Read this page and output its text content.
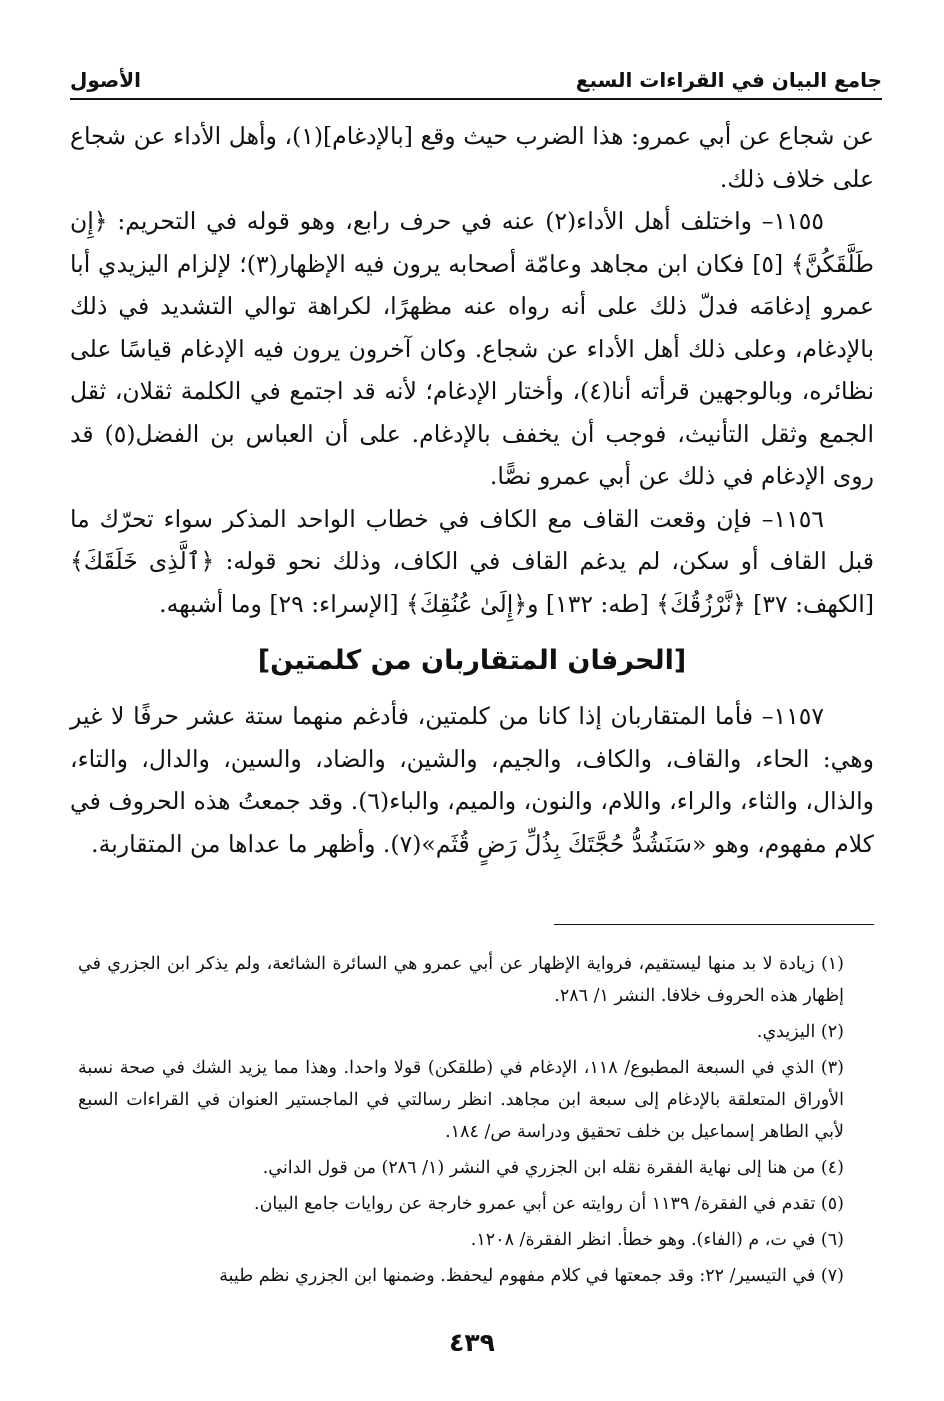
جامع البيان في القراءات السبع
الأصول

عن شجاع عن أبي عمرو: هذا الضرب حيث وقع [بالإدغام](١)، وأهل الأداء عن شجاع على خلاف ذلك.

١١٥٥– واختلف أهل الأداء(٢) عنه في حرف رابع، وهو قوله في التحريم: ﴿إِن طَلَّقَكُنَّ﴾ [٥] فكان ابن مجاهد وعامّة أصحابه يرون فيه الإظهار(٣)؛ لإلزام اليزيدي أبا عمرو إدغامَه فدلّ ذلك على أنه رواه عنه مظهرًا، لكراهة توالي التشديد في ذلك بالإدغام، وعلى ذلك أهل الأداء عن شجاع. وكان آخرون يرون فيه الإدغام قياسًا على نظائره، وبالوجهين قرأته أنا(٤)، وأختار الإدغام؛ لأنه قد اجتمع في الكلمة ثقلان، ثقل الجمع وثقل التأنيث، فوجب أن يخفف بالإدغام. على أن العباس بن الفضل(٥) قد روى الإدغام في ذلك عن أبي عمرو نصًّا.

١١٥٦– فإن وقعت القاف مع الكاف في خطاب الواحد المذكر سواء تحرّك ما قبل القاف أو سكن، لم يدغم القاف في الكاف، وذلك نحو قوله: ﴿ٱلَّذِى خَلَقَكَ﴾ [الكهف: ٣٧] ﴿نَّرْزُقُكَ﴾ [طه: ١٣٢] و﴿إِلَىٰ عُنُقِكَ﴾ [الإسراء: ٢٩] وما أشبهه.

[الحرفان المتقاربان من كلمتين]

١١٥٧– فأما المتقاربان إذا كانا من كلمتين، فأدغم منهما ستة عشر حرفًا لا غير وهي: الحاء، والقاف، والكاف، والجيم، والشين، والضاد، والسين، والدال، والتاء، والذال، والثاء، والراء، واللام، والنون، والميم، والباء(٦). وقد جمعتُ هذه الحروف في كلام مفهوم، وهو «سَنَشُدُّ حُجَّتَكَ بِذُلِّ رَضٍ قُثَم»(٧). وأظهر ما عداها من المتقاربة.

(١) زيادة لا بد منها ليستقيم، فرواية الإظهار عن أبي عمرو هي السائرة الشائعة، ولم يذكر ابن الجزري في إظهار هذه الحروف خلافا. النشر ١/ ٢٨٦.

(٢) اليزيدي.

(٣) الذي في السبعة المطبوع/ ١١٨، الإدغام في (طلقكن) قولا واحدا. وهذا مما يزيد الشك في صحة نسبة الأوراق المتعلقة بالإدغام إلى سبعة ابن مجاهد. انظر رسالتي في الماجستير العنوان في القراءات السبع لأبي الطاهر إسماعيل بن خلف تحقيق ودراسة ص/ ١٨٤.

(٤) من هنا إلى نهاية الفقرة نقله ابن الجزري في النشر (١/ ٢٨٦) من قول الداني.

(٥) تقدم في الفقرة/ ١١٣٩ أن روايته عن أبي عمرو خارجة عن روايات جامع البيان.

(٦) في ت، م (الفاء). وهو خطأ. انظر الفقرة/ ١٢٠٨.

(٧) في التيسير/ ٢٢: وقد جمعتها في كلام مفهوم ليحفظ. وضمنها ابن الجزري نظم طيبة

٤٣٩
